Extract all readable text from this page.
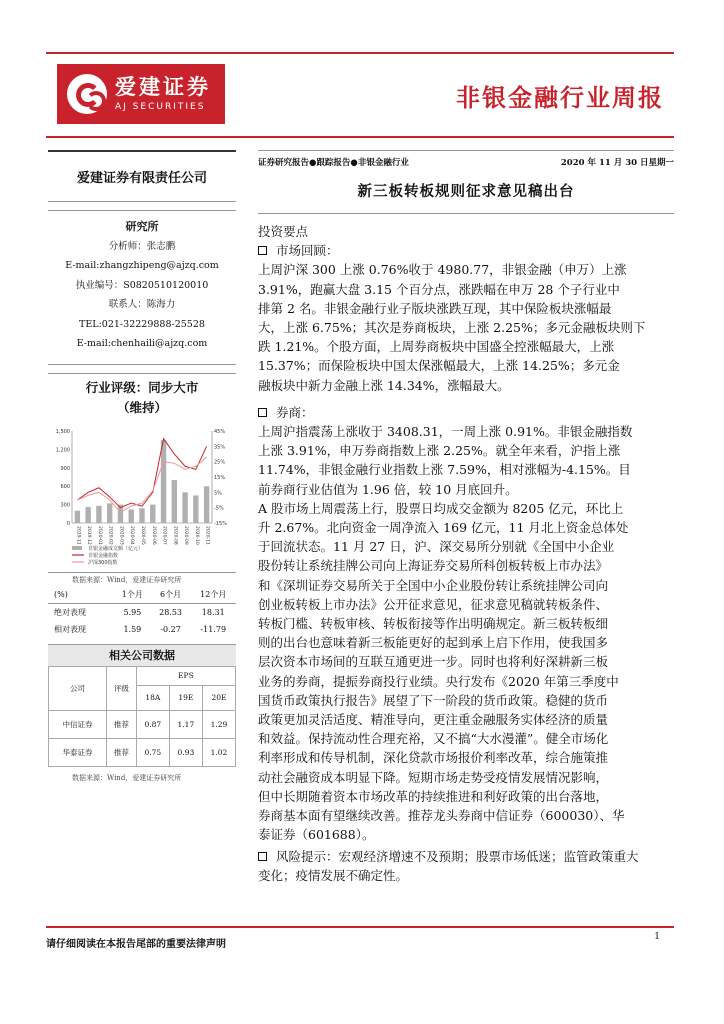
爱建证券
AJ SECURITIES	非银金融行业周报
爱建证券有限责任公司
研究所
分析师：张志鹏
E-mail:zhangzhipeng@ajzq.com
执业编号：S0820510120010
联系人：陈海力
TEL:021-32229888-25528
E-mail:chenhaili@ajzq.com
行业评级：同步大市
（维持）
1,500
1,200
900
600
300
0
45%
35%
25%
15%
5%
-5%
-15%
2019-11 2019-12 2020-01 2020-02 2020-03 2020-04 2020-05 2020-06 2020-07 2020-08 2020-09 2020-10 2020-11
非银金融成交额（亿元）
非银金融指数
沪深300指数
数据来源：Wind，爱建证券研究所
(%)	1个月	6个月	12个月
绝对表现	5.95	28.53	18.31
相对表现	1.59	-0.27	-11.79
相关公司数据
公司	评级	EPS		
		18A	19E	20E
中信证券	推荐	0.87	1.17	1.29
华泰证券	推荐	0.75	0.93	1.02
数据来源：Wind，爱建证券研究所
证券研究报告●跟踪报告●非银金融行业	2020 年 11 月 30 日星期一
新三板转板规则征求意见稿出台
投资要点
市场回顾：
上周沪深 300 上涨 0.76%收于 4980.77，非银金融（申万）上涨
3.91%，跑赢大盘 3.15 个百分点，涨跌幅在申万 28 个子行业中
排第 2 名。非银金融行业子版块涨跌互现，其中保险板块涨幅最
大，上涨 6.75%；其次是券商板块，上涨 2.25%；多元金融板块则下
跌 1.21%。个股方面，上周券商板块中国盛全控涨幅最大，上涨
15.37%；而保险板块中国太保涨幅最大，上涨 14.25%；多元金
融板块中新力金融上涨 14.34%，涨幅最大。
券商：
上周沪指震荡上涨收于 3408.31，一周上涨 0.91%。非银金融指数
上涨 3.91%，申万券商指数上涨 2.25%。就全年来看，沪指上涨
11.74%，非银金融行业指数上涨 7.59%，相对涨幅为-4.15%。目
前券商行业估值为 1.96 倍，较 10 月底回升。
A 股市场上周震荡上行，股票日均成交金额为 8205 亿元，环比上
升 2.67%。北向资金一周净流入 169 亿元，11 月北上资金总体处
于回流状态。11 月 27 日，沪、深交易所分别就《全国中小企业
股份转让系统挂牌公司向上海证券交易所科创板转板上市办法》
和《深圳证券交易所关于全国中小企业股份转让系统挂牌公司向
创业板转板上市办法》公开征求意见，征求意见稿就转板条件、
转板门槛、转板审核、转板衔接等作出明确规定。新三板转板细
则的出台也意味着新三板能更好的起到承上启下作用，使我国多
层次资本市场间的互联互通更进一步。同时也将利好深耕新三板
业务的券商，提振券商投行业绩。央行发布《2020 年第三季度中
国货币政策执行报告》展望了下一阶段的货币政策。稳健的货币
政策更加灵活适度、精准导向，更注重金融服务实体经济的质量
和效益。保持流动性合理充裕，又不搞“大水漫灌”。健全市场化
利率形成和传导机制，深化贷款市场报价利率改革，综合施策推
动社会融资成本明显下降。短期市场走势受疫情发展情况影响，
但中长期随着资本市场改革的持续推进和利好政策的出台落地，
券商基本面有望继续改善。推荐龙头券商中信证券（600030）、华
泰证券（601688）。
风险提示：宏观经济增速不及预期；股票市场低迷；监管政策重大
变化；疫情发展不确定性。
请仔细阅读在本报告尾部的重要法律声明
1
